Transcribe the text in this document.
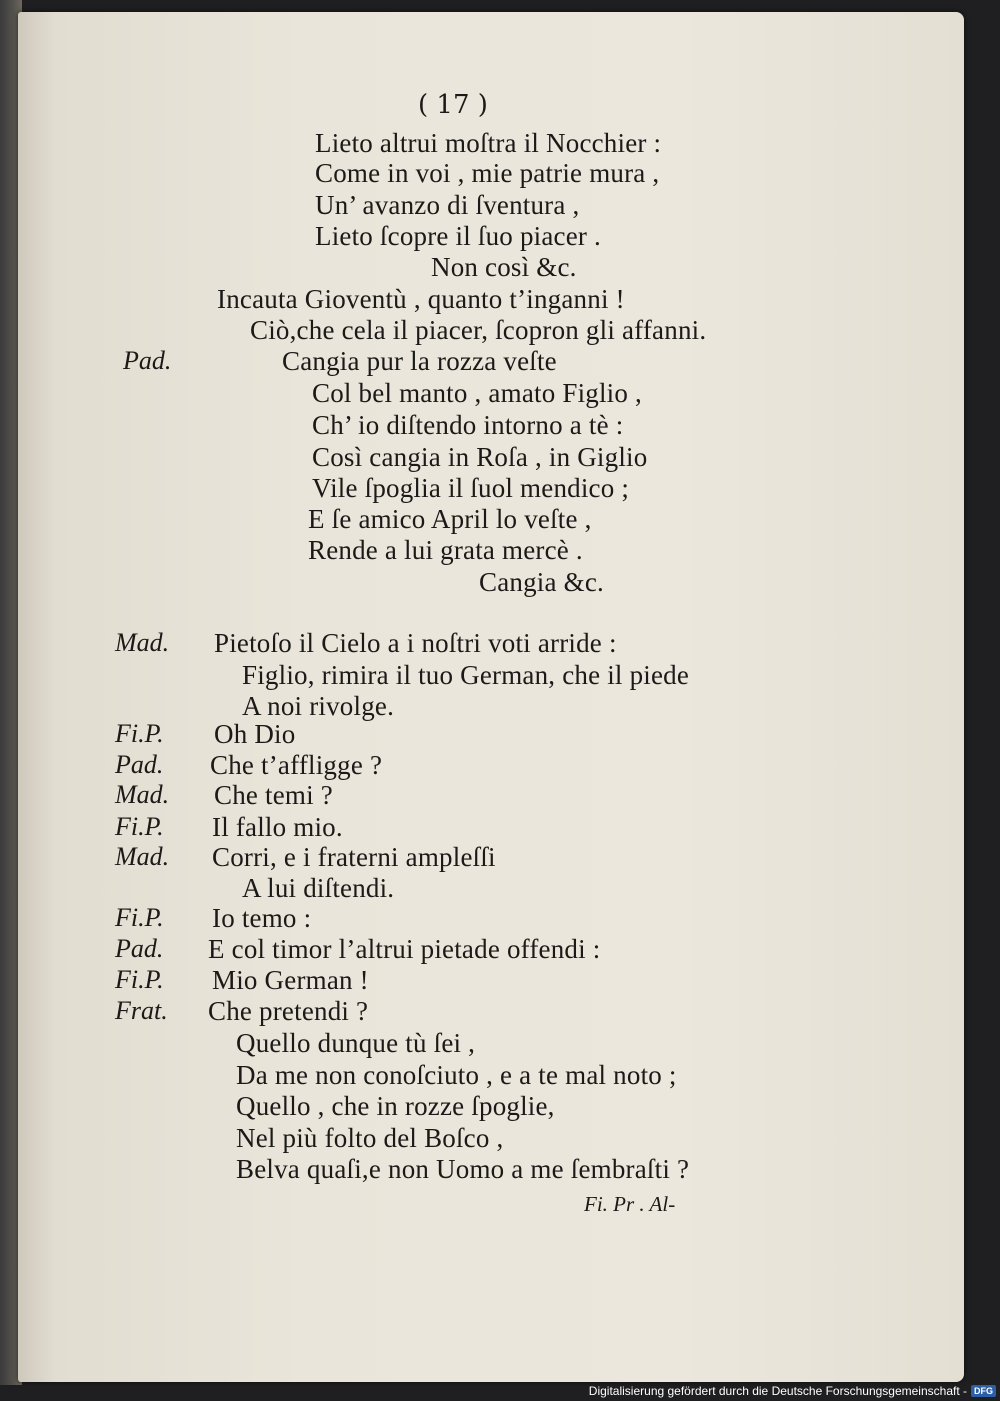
( 17 )
Lieto altrui moſtra il Nocchier :
Come in voi , mie patrie mura ,
Un’ avanzo di ſventura ,
Lieto ſcopre il ſuo piacer .
Non così &c.
Incauta Gioventù , quanto t’inganni !
Ciò,che cela il piacer, ſcopron gli affanni.
Pad.	Cangia pur la rozza veſte
Col bel manto , amato Figlio ,
Ch’ io diſtendo intorno a tè :
Così cangia in Roſa , in Giglio
Vile ſpoglia il ſuol mendico ;
E ſe amico April lo veſte ,
Rende a lui grata mercè .
Cangia &c.
Mad. Pietoſo il Cielo a i noſtri voti arride :
Figlio, rimira il tuo German, che il piede
A noi rivolge.
Fi.P. Oh Dio
Pad. Che t’affligge ?
Mad. Che temi ?
Fi.P. Il fallo mio.
Mad. Corri, e i fraterni ampleſſi
A lui diſtendi.
Fi.P. Io temo :
Pad. E col timor l’altrui pietade offendi :
Fi.P. Mio German !
Frat. Che pretendi ?
Quello dunque tù ſei ,
Da me non conoſciuto , e a te mal noto ;
Quello , che in rozze ſpoglie,
Nel più folto del Boſco ,
Belva quaſi,e non Uomo a me ſembraſti ?
Fi. Pr . Al-
Digitalisierung gefördert durch die Deutsche Forschungsgemeinschaft - DFG
